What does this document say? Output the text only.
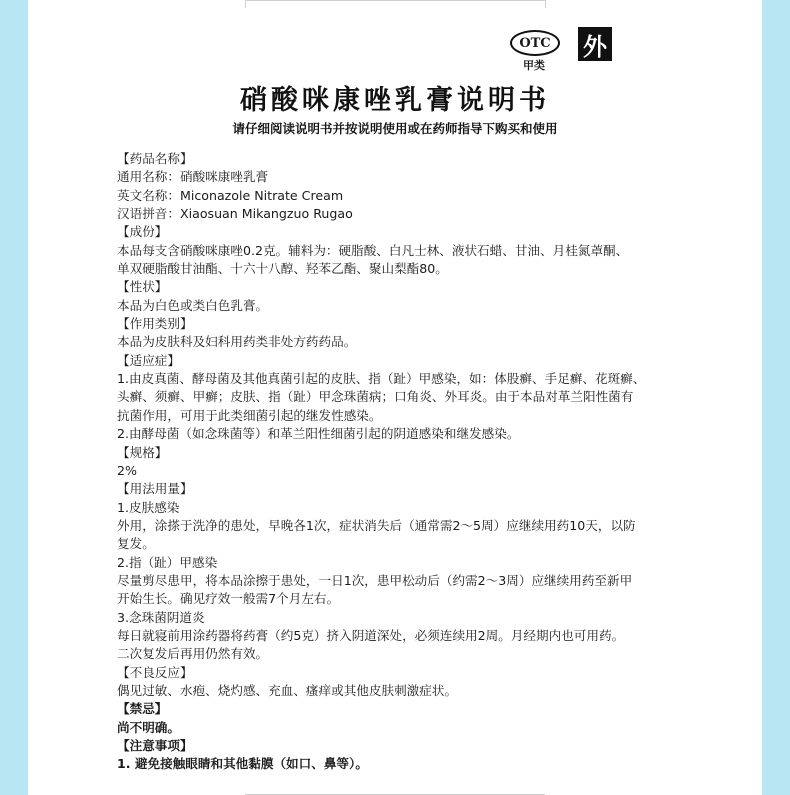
OTC
甲类
外
硝酸咪康唑乳膏说明书
请仔细阅读说明书并按说明使用或在药师指导下购买和使用
【药品名称】
通用名称：硝酸咪康唑乳膏
英文名称：Miconazole Nitrate Cream
汉语拼音：Xiaosuan Mikangzuo Rugao
【成份】
本品每支含硝酸咪康唑0.2克。辅料为：硬脂酸、白凡士林、液状石蜡、甘油、月桂氮䓬酮、
单双硬脂酸甘油酯、十六十八醇、羟苯乙酯、聚山梨酯80。
【性状】
本品为白色或类白色乳膏。
【作用类别】
本品为皮肤科及妇科用药类非处方药药品。
【适应症】
1.由皮真菌、酵母菌及其他真菌引起的皮肤、指（趾）甲感染，如：体股癣、手足癣、花斑癣、
头癣、须癣、甲癣；皮肤、指（趾）甲念珠菌病；口角炎、外耳炎。由于本品对革兰阳性菌有
抗菌作用，可用于此类细菌引起的继发性感染。
2.由酵母菌（如念珠菌等）和革兰阳性细菌引起的阴道感染和继发感染。
【规格】
2%
【用法用量】
1.皮肤感染
外用，涂搽于洗净的患处，早晚各1次，症状消失后（通常需2～5周）应继续用药10天，以防
复发。
2.指（趾）甲感染
尽量剪尽患甲，将本品涂擦于患处，一日1次，患甲松动后（约需2～3周）应继续用药至新甲
开始生长。确见疗效一般需7个月左右。
3.念珠菌阴道炎
每日就寝前用涂药器将药膏（约5克）挤入阴道深处，必须连续用2周。月经期内也可用药。
二次复发后再用仍然有效。
【不良反应】
偶见过敏、水疱、烧灼感、充血、瘙痒或其他皮肤刺激症状。
【禁忌】
尚不明确。
【注意事项】
1. 避免接触眼睛和其他黏膜（如口、鼻等）。
